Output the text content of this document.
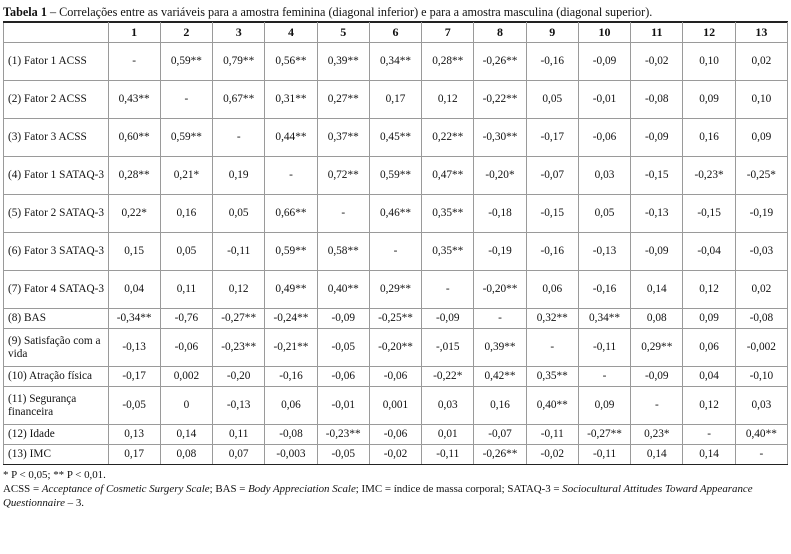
Tabela 1 – Correlações entre as variáveis para a amostra feminina (diagonal inferior) e para a amostra masculina (diagonal superior).
	1	2	3	4	5	6	7	8	9	10	11	12	13
(1) Fator 1 ACSS	-	0,59**	0,79**	0,56**	0,39**	0,34**	0,28**	-0,26**	-0,16	-0,09	-0,02	0,10	0,02
(2) Fator 2 ACSS	0,43**	-	0,67**	0,31**	0,27**	0,17	0,12	-0,22**	0,05	-0,01	-0,08	0,09	0,10
(3) Fator 3 ACSS	0,60**	0,59**	-	0,44**	0,37**	0,45**	0,22**	-0,30**	-0,17	-0,06	-0,09	0,16	0,09
(4) Fator 1 SATAQ-3	0,28**	0,21*	0,19	-	0,72**	0,59**	0,47**	-0,20*	-0,07	0,03	-0,15	-0,23*	-0,25*
(5) Fator 2 SATAQ-3	0,22*	0,16	0,05	0,66**	-	0,46**	0,35**	-0,18	-0,15	0,05	-0,13	-0,15	-0,19
(6) Fator 3 SATAQ-3	0,15	0,05	-0,11	0,59**	0,58**	-	0,35**	-0,19	-0,16	-0,13	-0,09	-0,04	-0,03
(7) Fator 4 SATAQ-3	0,04	0,11	0,12	0,49**	0,40**	0,29**	-	-0,20**	0,06	-0,16	0,14	0,12	0,02
(8) BAS	-0,34**	-0,76	-0,27**	-0,24**	-0,09	-0,25**	-0,09	-	0,32**	0,34**	0,08	0,09	-0,08
(9) Satisfação com a vida	-0,13	-0,06	-0,23**	-0,21**	-0,05	-0,20**	-,015	0,39**	-	-0,11	0,29**	0,06	-0,002
(10) Atração física	-0,17	0,002	-0,20	-0,16	-0,06	-0,06	-0,22*	0,42**	0,35**	-	-0,09	0,04	-0,10
(11) Segurança financeira	-0,05	0	-0,13	0,06	-0,01	0,001	0,03	0,16	0,40**	0,09	-	0,12	0,03
(12) Idade	0,13	0,14	0,11	-0,08	-0,23**	-0,06	0,01	-0,07	-0,11	-0,27**	0,23*	-	0,40**
(13) IMC	0,17	0,08	0,07	-0,003	-0,05	-0,02	-0,11	-0,26**	-0,02	-0,11	0,14	0,14	-
* P < 0,05; ** P < 0,01.
ACSS = Acceptance of Cosmetic Surgery Scale; BAS = Body Appreciation Scale; IMC = índice de massa corporal; SATAQ-3 = Sociocultural Attitudes Toward Appearance
Questionnaire – 3.
